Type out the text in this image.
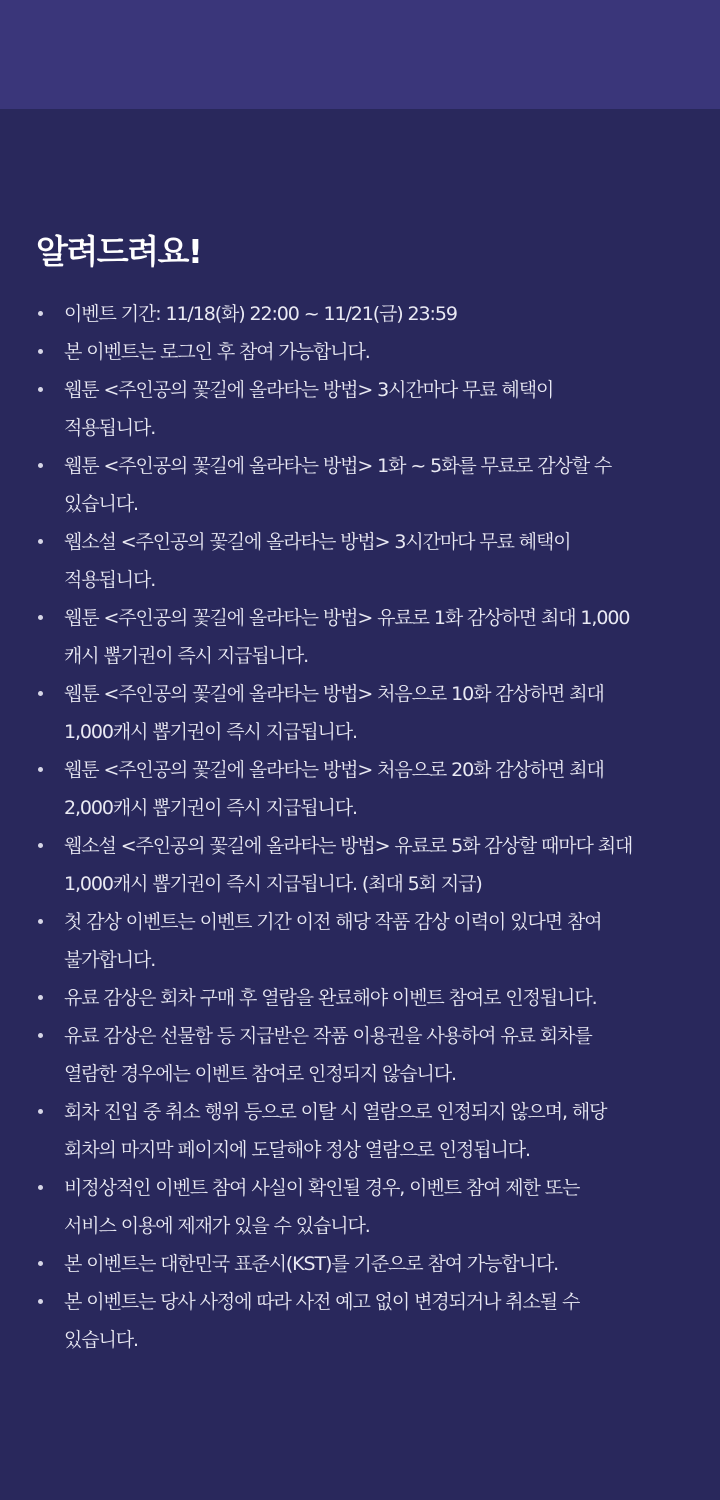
알려드려요!
이벤트 기간: 11/18(화) 22:00 ~ 11/21(금) 23:59
본 이벤트는 로그인 후 참여 가능합니다.
웹툰 <주인공의 꽃길에 올라타는 방법> 3시간마다 무료 혜택이
적용됩니다.
웹툰 <주인공의 꽃길에 올라타는 방법> 1화 ~ 5화를 무료로 감상할 수
있습니다.
웹소설 <주인공의 꽃길에 올라타는 방법> 3시간마다 무료 혜택이
적용됩니다.
웹툰 <주인공의 꽃길에 올라타는 방법> 유료로 1화 감상하면 최대 1,000
캐시 뽑기권이 즉시 지급됩니다.
웹툰 <주인공의 꽃길에 올라타는 방법> 처음으로 10화 감상하면 최대
1,000캐시 뽑기권이 즉시 지급됩니다.
웹툰 <주인공의 꽃길에 올라타는 방법> 처음으로 20화 감상하면 최대
2,000캐시 뽑기권이 즉시 지급됩니다.
웹소설 <주인공의 꽃길에 올라타는 방법> 유료로 5화 감상할 때마다 최대
1,000캐시 뽑기권이 즉시 지급됩니다. (최대 5회 지급)
첫 감상 이벤트는 이벤트 기간 이전 해당 작품 감상 이력이 있다면 참여
불가합니다.
유료 감상은 회차 구매 후 열람을 완료해야 이벤트 참여로 인정됩니다.
유료 감상은 선물함 등 지급받은 작품 이용권을 사용하여 유료 회차를
열람한 경우에는 이벤트 참여로 인정되지 않습니다.
회차 진입 중 취소 행위 등으로 이탈 시 열람으로 인정되지 않으며, 해당
회차의 마지막 페이지에 도달해야 정상 열람으로 인정됩니다.
비정상적인 이벤트 참여 사실이 확인될 경우, 이벤트 참여 제한 또는
서비스 이용에 제재가 있을 수 있습니다.
본 이벤트는 대한민국 표준시(KST)를 기준으로 참여 가능합니다.
본 이벤트는 당사 사정에 따라 사전 예고 없이 변경되거나 취소될 수
있습니다.
